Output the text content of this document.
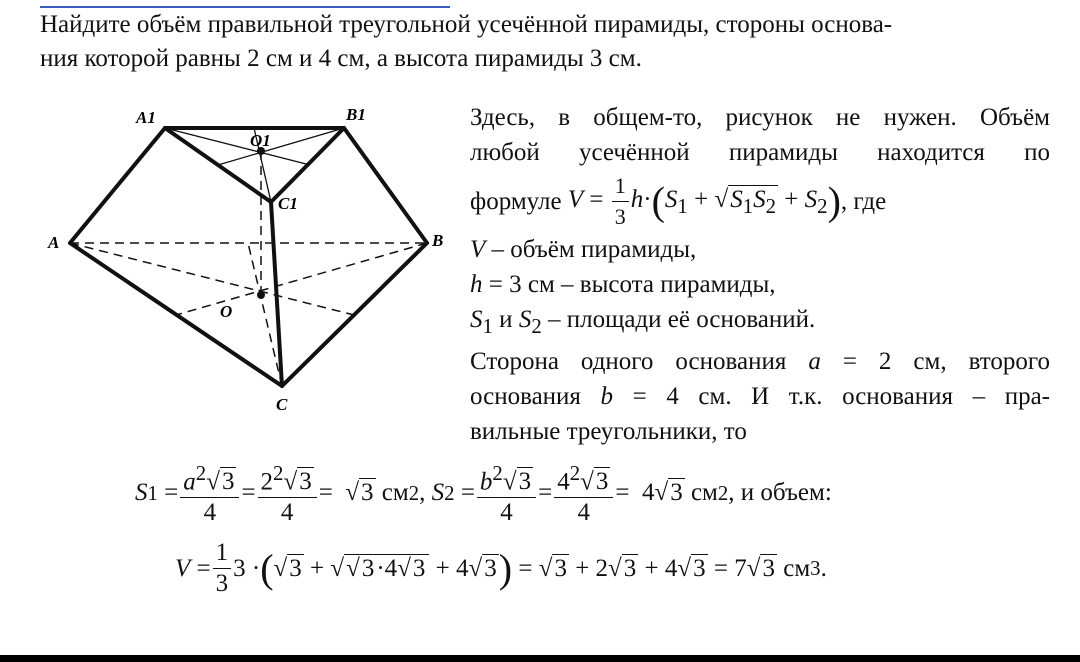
Найдите объём правильной треугольной усечённой пирамиды, стороны основа-
ния которой равны 2 см и 4 см, а высота пирамиды 3 см.
A1	B1
O1
C1
A	B
O
C
Здесь, в общем-то, рисунок не нужен. Объём
любой усечённой пирамиды находится по
формуле $V = \frac{1}{3} h\cdot(S_1 + √S_1S_2 + S_2)$ , где
V – объём пирамиды,
h = 3 см – высота пирамиды,
$S_1$ и $S_2$ – площади её оснований.
Сторона одного основания a = 2 см, второго
основания b = 4 см. И т.к. основания – пра-
вильные треугольники, то
S $1 = \frac{a^2√3}{4} = \frac{2^2√3}{4} = √3$
см 2 , S $2 = \frac{b^2√3}{4} = \frac{4^2√3}{4} = 4$ √3
см 2 , и объем:
$V = \frac{1}{3} 3$ · ( √3 + √√3·4√3 + 4 √3 ) = √3 + 2 √3 + 4 √3 = 7 √3
см 3 .
